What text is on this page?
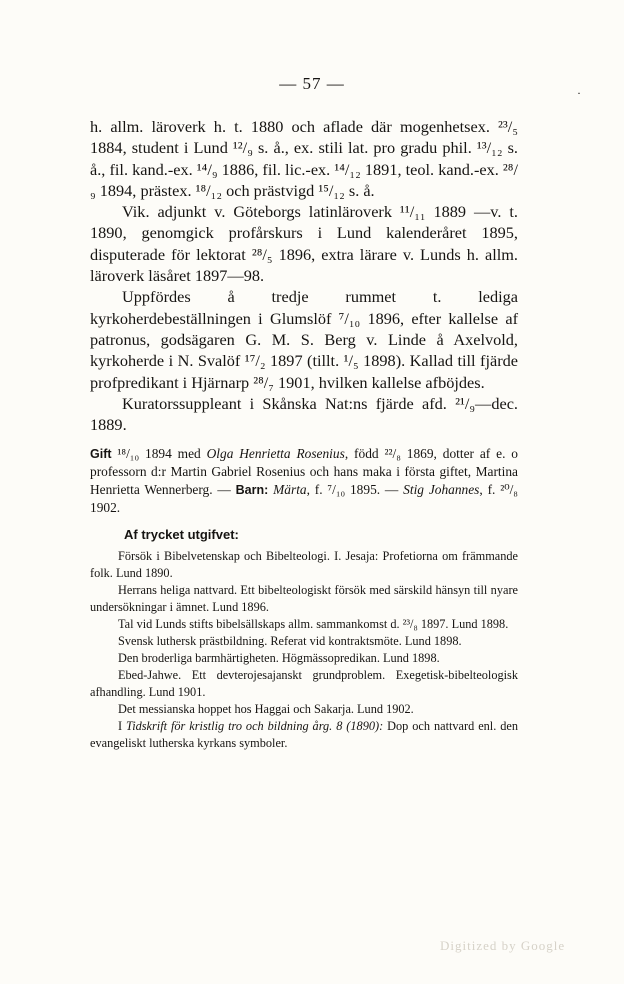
— 57 —	·

h. allm. läroverk h. t. 1880 och aflade där mogenhetsex. ²³/₅ 1884, student i Lund ¹²/₉ s. å., ex. stili lat. pro gradu phil. ¹³/₁₂ s. å., fil. kand.-ex. ¹⁴/₉ 1886, fil. lic.-ex. ¹⁴/₁₂ 1891, teol. kand.-ex. ²⁸/₉ 1894, prästex. ¹⁸/₁₂ och prästvigd ¹⁵/₁₂ s. å.

Vik. adjunkt v. Göteborgs latinläroverk ¹¹/₁₁ 1889 —v. t. 1890, genomgick profårskurs i Lund kalenderåret 1895, disputerade för lektorat ²⁸/₅ 1896, extra lärare v. Lunds h. allm. läroverk läsåret 1897—98.

Uppfördes å tredje rummet t. lediga kyrkoherdebeställningen i Glumslöf ⁷/₁₀ 1896, efter kallelse af patronus, godsägaren G. M. S. Berg v. Linde å Axelvold, kyrkoherde i N. Svalöf ¹⁷/₂ 1897 (tillt. ¹/₅ 1898). Kallad till fjärde profpredikant i Hjärnarp ²⁸/₇ 1901, hvilken kallelse afböjdes.

Kuratorssuppleant i Skånska Nat:ns fjärde afd. ²¹/₉—dec. 1889.

Gift ¹⁸/₁₀ 1894 med Olga Henrietta Rosenius, född ²²/₈ 1869, dotter af e. o professorn d:r Martin Gabriel Rosenius och hans maka i första giftet, Martina Henrietta Wennerberg. — Barn: Märta, f. ⁷/₁₀ 1895. — Stig Johannes, f. ²⁰/₈ 1902.

Af trycket utgifvet:
Försök i Bibelvetenskap och Bibelteologi. I. Jesaja: Profetiorna om främmande folk. Lund 1890.
Herrans heliga nattvard. Ett bibelteologiskt försök med särskild hänsyn till nyare undersökningar i ämnet. Lund 1896.
Tal vid Lunds stifts bibelsällskaps allm. sammankomst d. ²³/₈ 1897. Lund 1898.
Svensk luthersk prästbildning. Referat vid kontraktsmöte. Lund 1898.
Den broderliga barmhärtigheten. Högmässopredikan. Lund 1898.
Ebed-Jahwe. Ett devterojesajanskt grundproblem. Exegetisk-bibelteologisk afhandling. Lund 1901.
Det messianska hoppet hos Haggai och Sakarja. Lund 1902.
I Tidskrift för kristlig tro och bildning årg. 8 (1890): Dop och nattvard enl. den evangeliskt lutherska kyrkans symboler.
Digitized by Google
